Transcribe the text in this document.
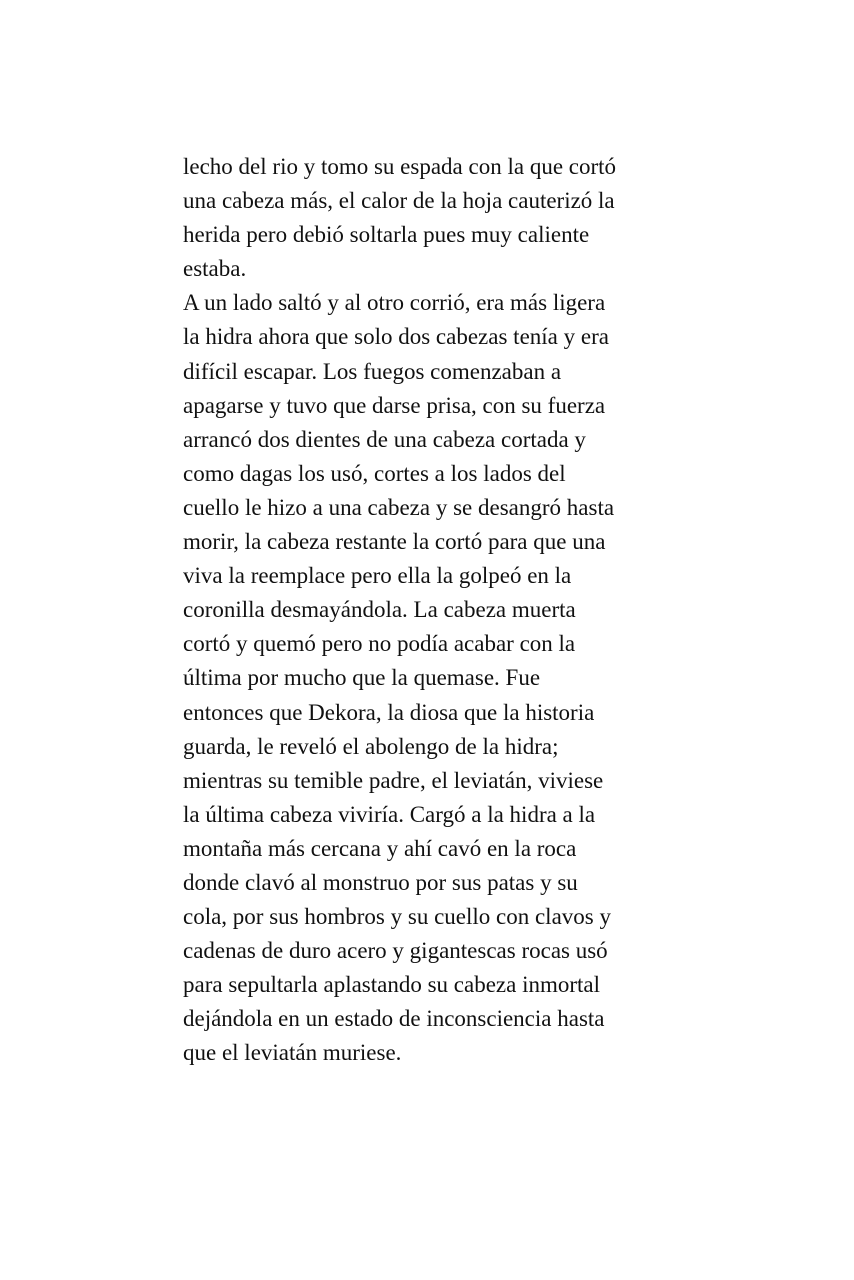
lecho del rio y tomo su espada con la que cortó
una cabeza más, el calor de la hoja cauterizó la
herida pero debió soltarla pues muy caliente
estaba.
A un lado saltó y al otro corrió, era más ligera
la hidra ahora que solo dos cabezas tenía y era
difícil escapar. Los fuegos comenzaban a
apagarse y tuvo que darse prisa, con su fuerza
arrancó dos dientes de una cabeza cortada y
como dagas los usó, cortes a los lados del
cuello le hizo a una cabeza y se desangró hasta
morir, la cabeza restante la cortó para que una
viva la reemplace pero ella la golpeó en la
coronilla desmayándola. La cabeza muerta
cortó y quemó pero no podía acabar con la
última por mucho que la quemase. Fue
entonces que Dekora, la diosa que la historia
guarda, le reveló el abolengo de la hidra;
mientras su temible padre, el leviatán, viviese
la última cabeza viviría. Cargó a la hidra a la
montaña más cercana y ahí cavó en la roca
donde clavó al monstruo por sus patas y su
cola, por sus hombros y su cuello con clavos y
cadenas de duro acero y gigantescas rocas usó
para sepultarla aplastando su cabeza inmortal
dejándola en un estado de inconsciencia hasta
que el leviatán muriese.
